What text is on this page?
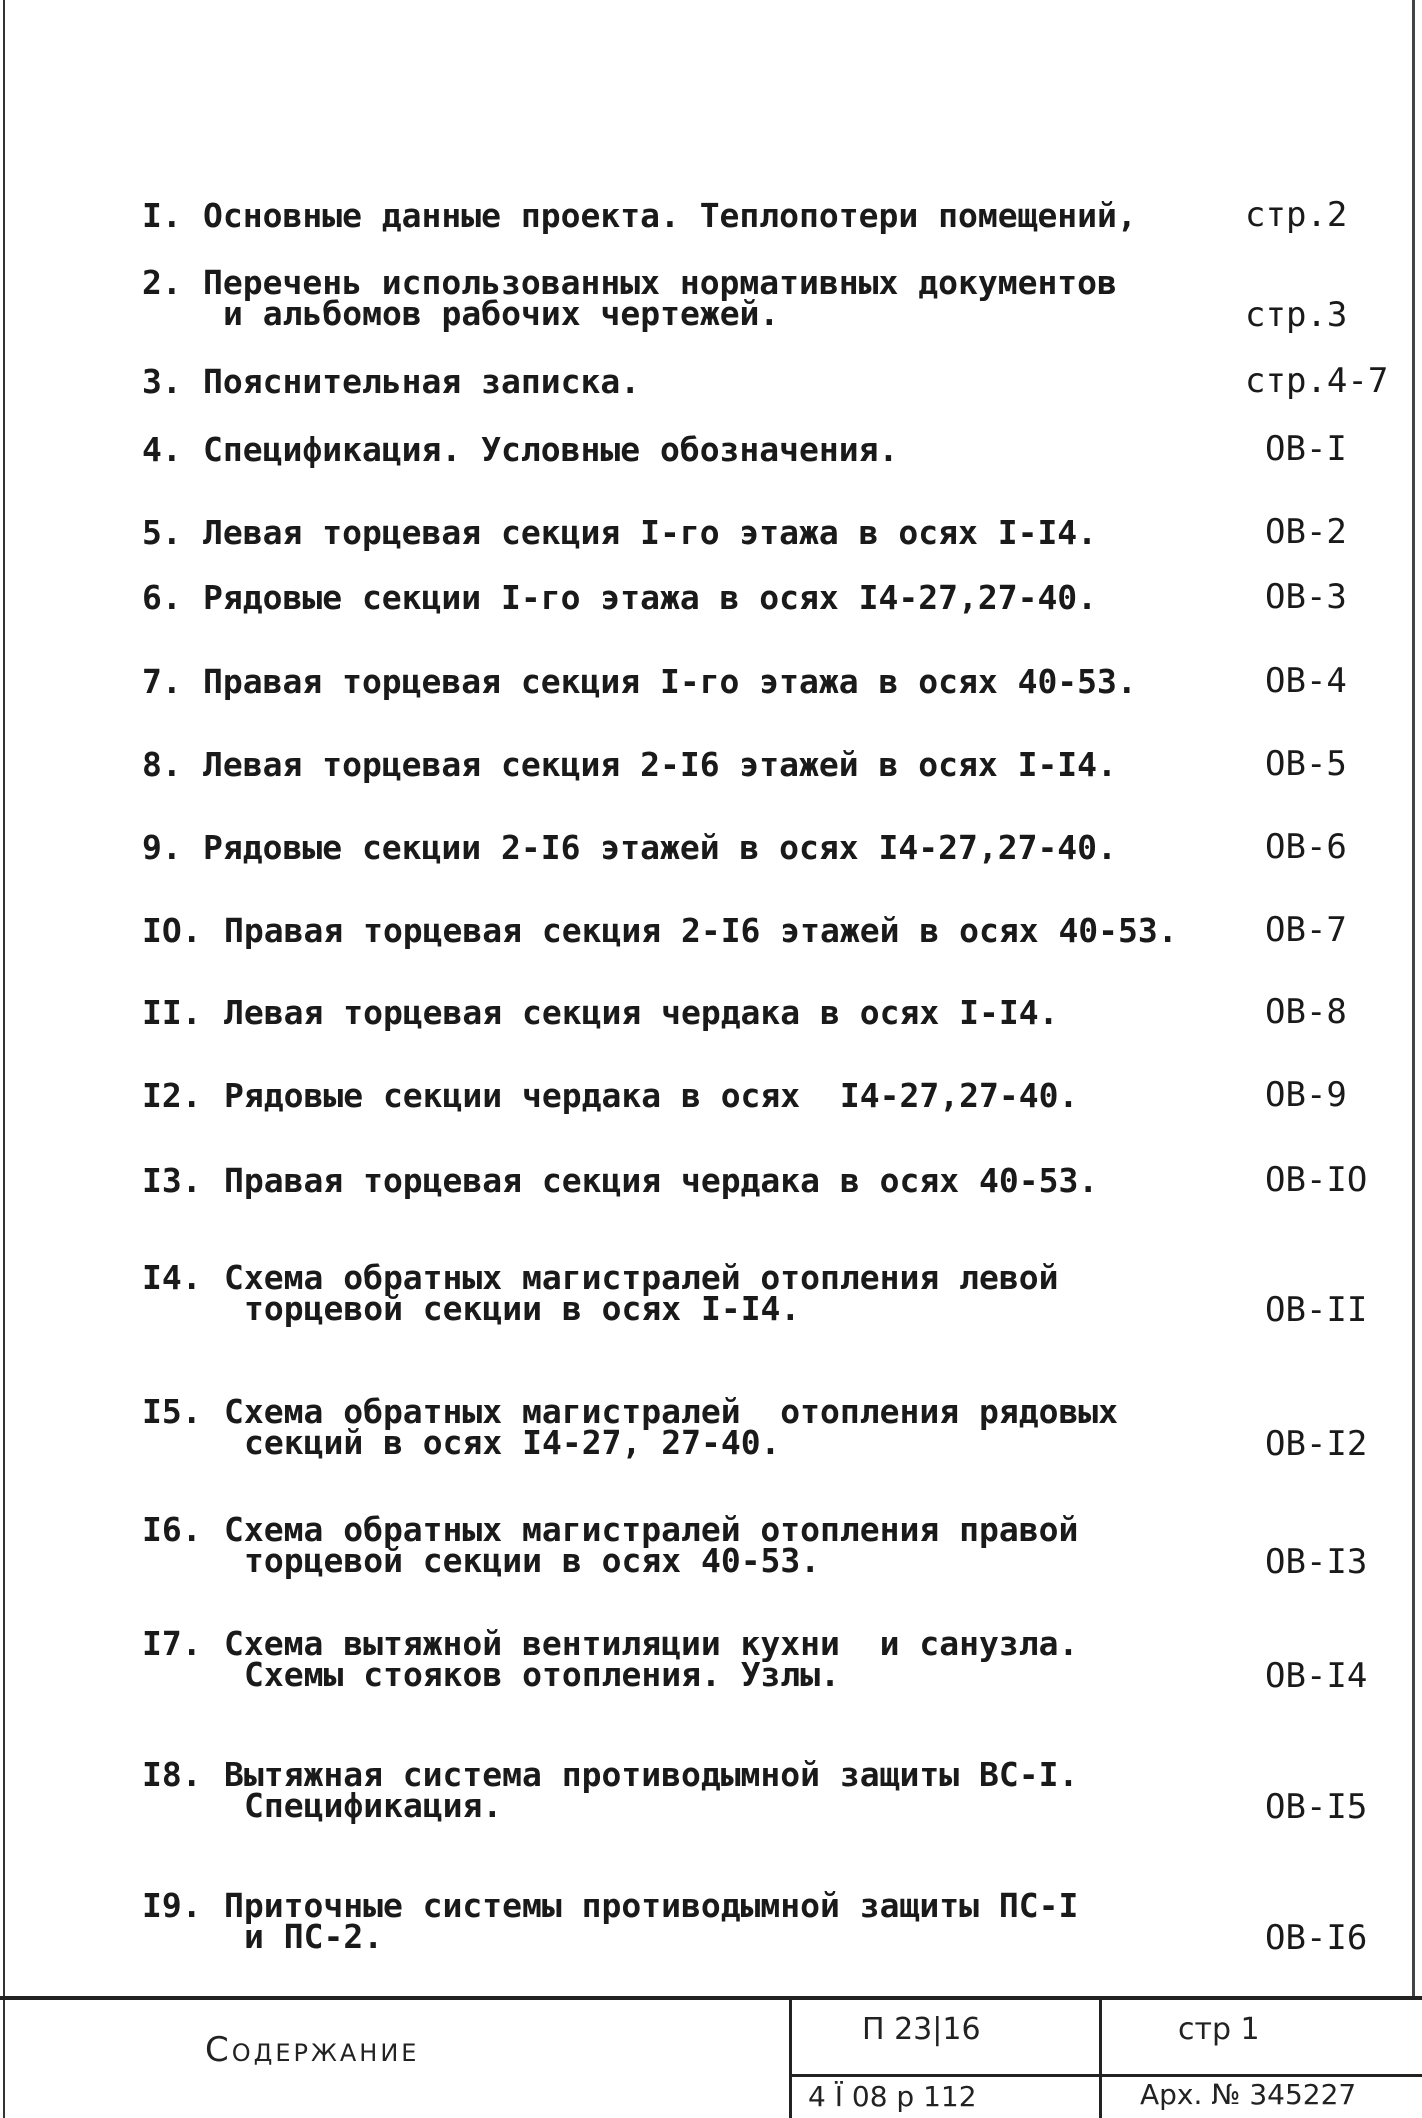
I. Основные данные проекта. Теплопотери помещений,	стр.2
2. Перечень использованных нормативных документов
и альбомов рабочих чертежей.	стр.3
3. Пояснительная записка.	стр.4-7
4. Спецификация. Условные обозначения.	ОВ-I
5. Левая торцевая секция I-го этажа в осях I-I4.	ОВ-2
6. Рядовые секции I-го этажа в осях I4-27,27-40.	ОВ-3
7. Правая торцевая секция I-го этажа в осях 40-53.	ОВ-4
8. Левая торцевая секция 2-I6 этажей в осях I-I4.	ОВ-5
9. Рядовые секции 2-I6 этажей в осях I4-27,27-40.	ОВ-6
IO. Правая торцевая секция 2-I6 этажей в осях 40-53.	ОВ-7
II. Левая торцевая секция чердака в осях I-I4.	ОВ-8
I2. Рядовые секции чердака в осях  I4-27,27-40.	ОВ-9
I3. Правая торцевая секция чердака в осях 40-53.	ОВ-IO
I4. Схема обратных магистралей отопления левой
торцевой секции в осях I-I4.	ОВ-II
I5. Схема обратных магистралей  отопления рядовых
секций в осях I4-27, 27-40.	ОВ-I2
I6. Схема обратных магистралей отопления правой
торцевой секции в осях 40-53.	ОВ-I3
I7. Схема вытяжной вентиляции кухни  и санузла.
Схемы стояков отопления. Узлы.	ОВ-I4
I8. Вытяжная система противодымной защиты ВС-I.
Спецификация.	ОВ-I5
I9. Приточные системы противодымной защиты ПС-I
и ПС-2.	ОВ-I6
Содержание
П 23|16	стр 1
4 Ï 08 р 112	Арх. № 345227
